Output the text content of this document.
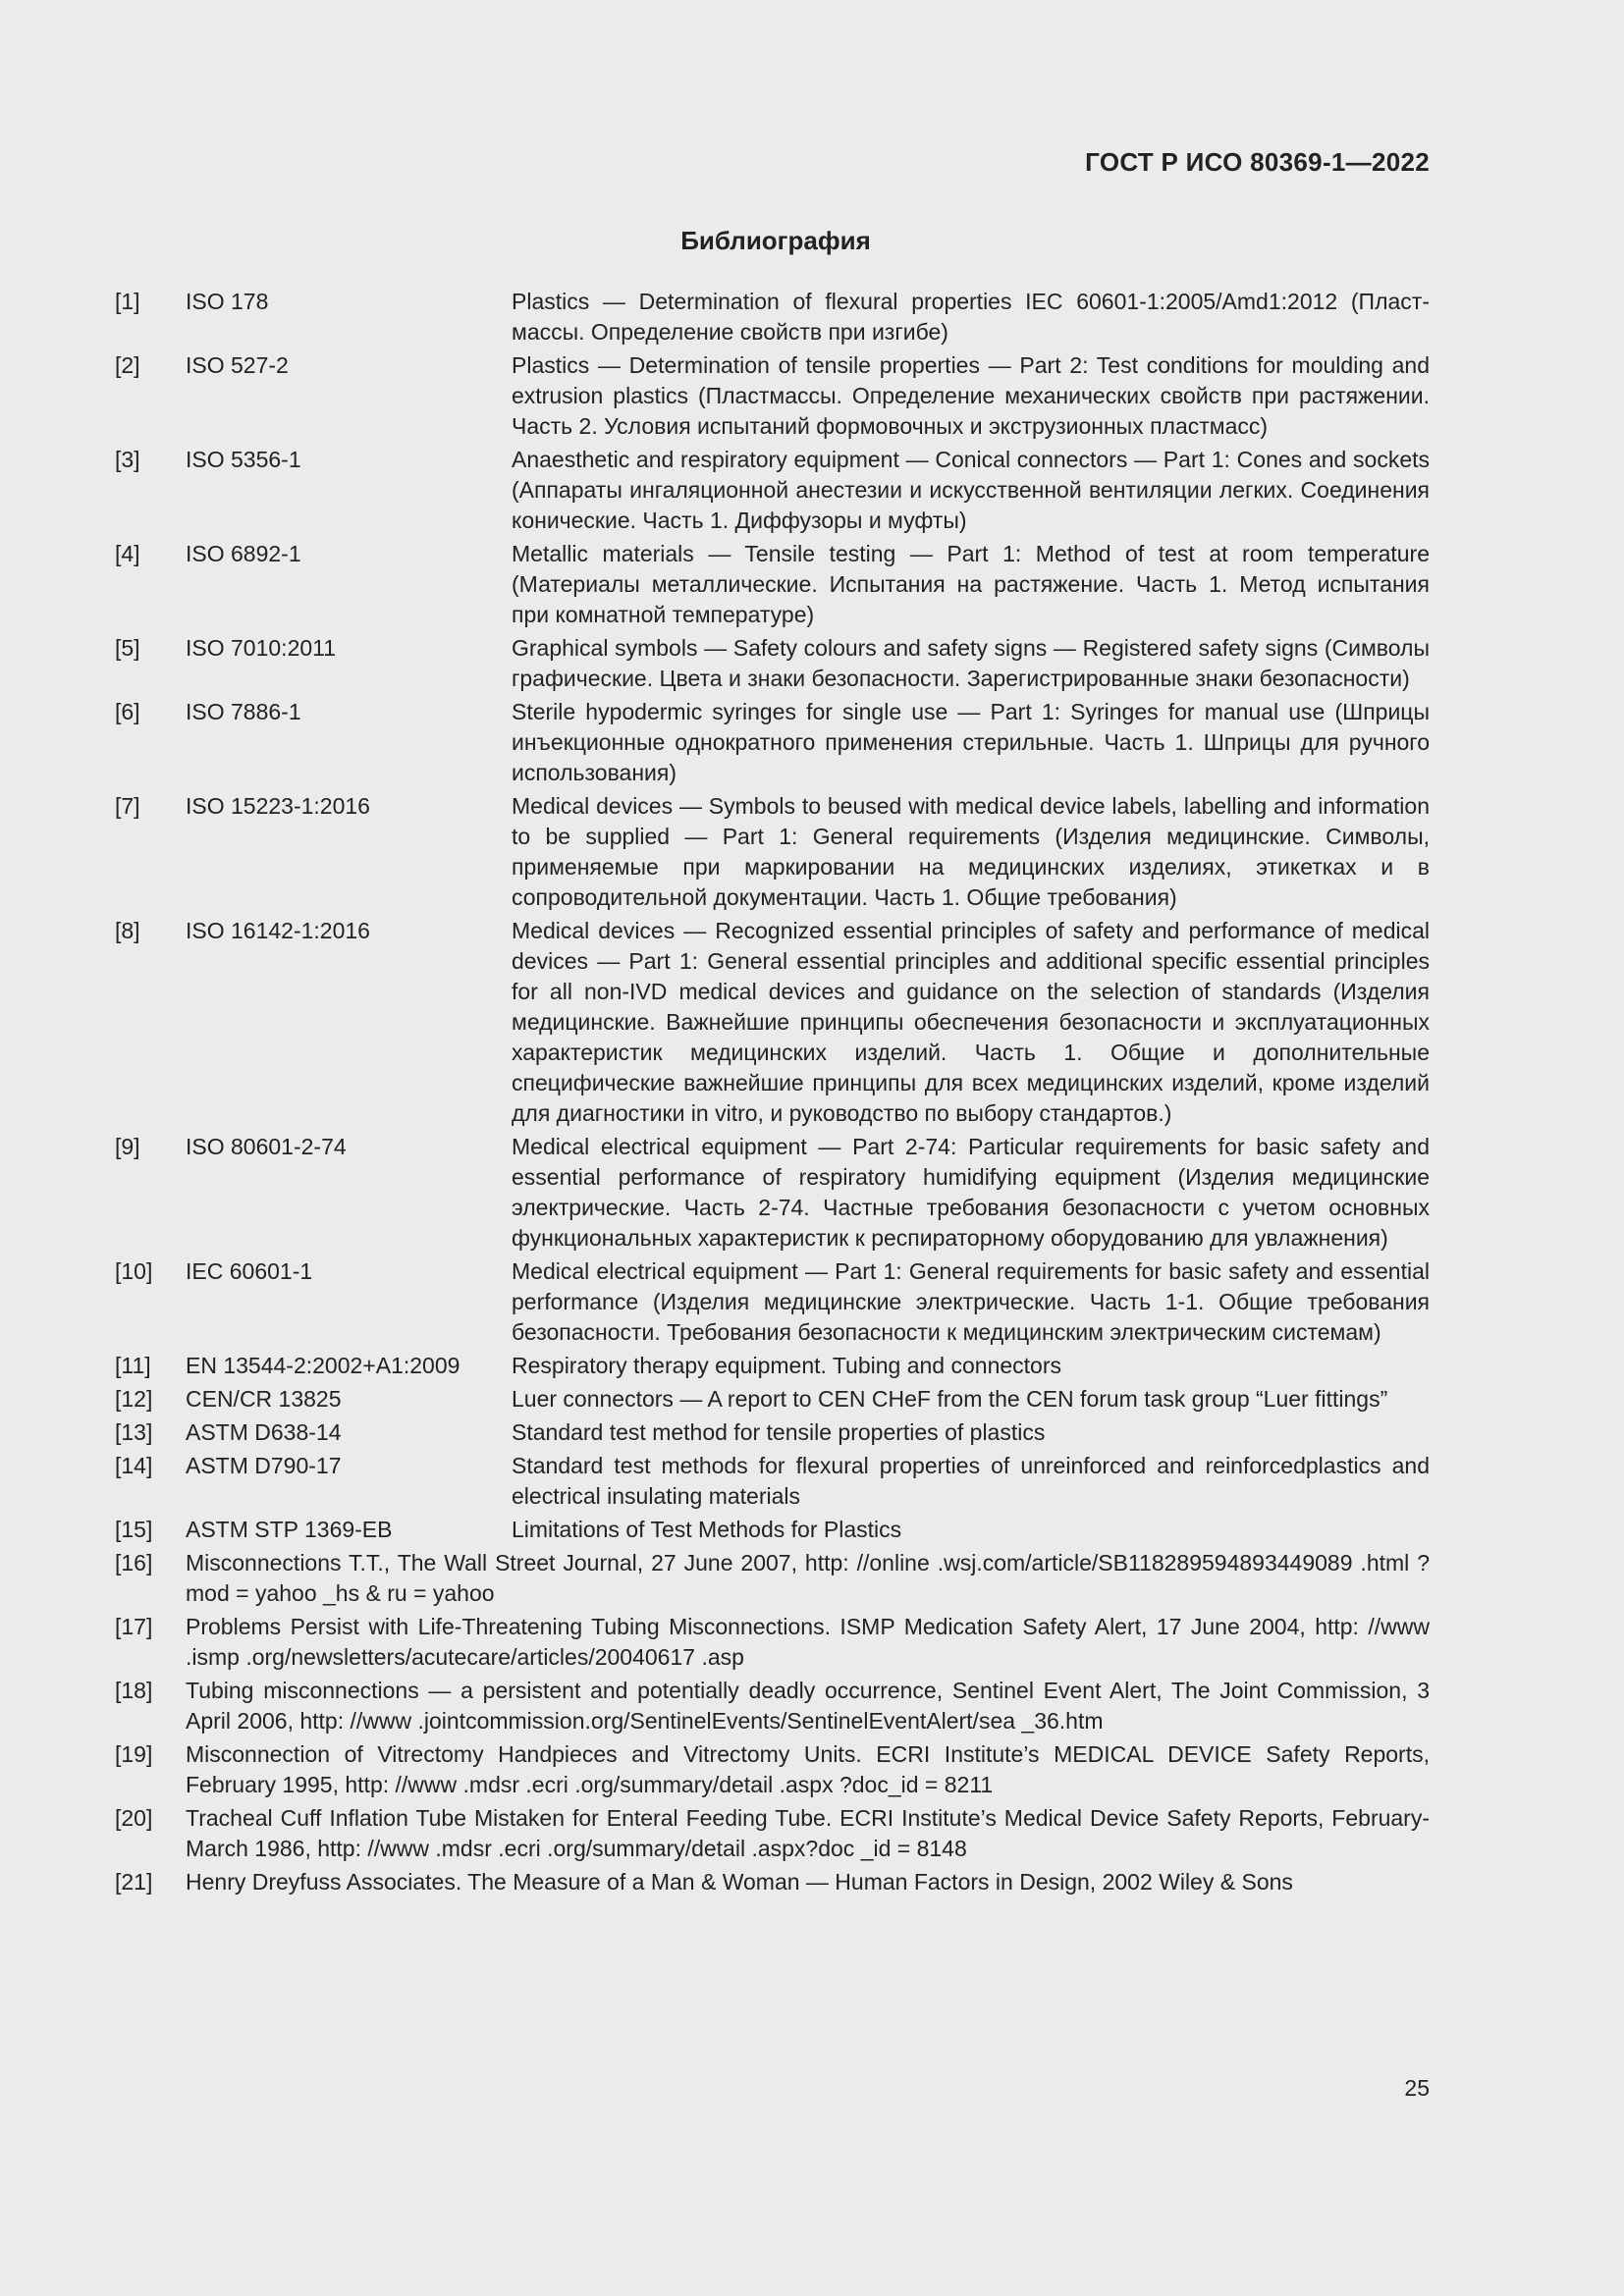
ГОСТ Р ИСО 80369-1—2022
Библиография
[1]	ISO 178	Plastics — Determination of flexural properties IEC 60601-1:2005/Amd1:2012 (Пластмассы. Определение свойств при изгибе)
[2]	ISO 527-2	Plastics — Determination of tensile properties — Part 2: Test conditions for moulding and extrusion plastics (Пластмассы. Определение механических свойств при растяжении. Часть 2. Условия испытаний формовочных и экструзионных пластмасс)
[3]	ISO 5356-1	Anaesthetic and respiratory equipment — Conical connectors — Part 1: Cones and sockets (Аппараты ингаляционной анестезии и искусственной вентиляции легких. Соединения конические. Часть 1. Диффузоры и муфты)
[4]	ISO 6892-1	Metallic materials — Tensile testing — Part 1: Method of test at room temperature (Материалы металлические. Испытания на растяжение. Часть 1. Метод испытания при комнатной температуре)
[5]	ISO 7010:2011	Graphical symbols — Safety colours and safety signs — Registered safety signs (Символы графические. Цвета и знаки безопасности. Зарегистрированные знаки безопасности)
[6]	ISO 7886-1	Sterile hypodermic syringes for single use — Part 1: Syringes for manual use (Шприцы инъекционные однократного применения стерильные. Часть 1. Шприцы для ручного использования)
[7]	ISO 15223-1:2016	Medical devices — Symbols to beused with medical device labels, labelling and information to be supplied — Part 1: General requirements (Изделия медицинские. Символы, применяемые при маркировании на медицинских изделиях, этикетках и в сопроводительной документации. Часть 1. Общие требования)
[8]	ISO 16142-1:2016	Medical devices — Recognized essential principles of safety and performance of medical devices — Part 1: General essential principles and additional specific essential principles for all non-IVD medical devices and guidance on the selection of standards (Изделия медицинские. Важнейшие принципы обеспечения безопасности и эксплуатационных характеристик медицинских изделий. Часть 1. Общие и дополнительные специфические важнейшие принципы для всех медицинских изделий, кроме изделий для диагностики in vitro, и руководство по выбору стандартов.)
[9]	ISO 80601-2-74	Medical electrical equipment — Part 2-74: Particular requirements for basic safety and essential performance of respiratory humidifying equipment (Изделия медицинские электрические. Часть 2-74. Частные требования безопасности с учетом основных функциональных характеристик к респираторному оборудованию для увлажнения)
[10]	IEC 60601-1	Medical electrical equipment — Part 1: General requirements for basic safety and essential performance (Изделия медицинские электрические. Часть 1-1. Общие требования безопасности. Требования безопасности к медицинским электрическим системам)
[11]	EN 13544-2:2002+A1:2009	Respiratory therapy equipment. Tubing and connectors
[12]	CEN/CR 13825	Luer connectors — A report to CEN CHeF from the CEN forum task group “Luer fittings”
[13]	ASTM D638-14	Standard test method for tensile properties of plastics
[14]	ASTM D790-17	Standard test methods for flexural properties of unreinforced and reinforcedplastics and electrical insulating materials
[15]	ASTM STP 1369-EB	Limitations of Test Methods for Plastics
[16]	Misconnections T.T., The Wall Street Journal, 27 June 2007, http: //online .wsj.com/article/SB118289594893449089 .html ?mod = yahoo _hs & ru = yahoo
[17]	Problems Persist with Life-Threatening Tubing Misconnections. ISMP Medication Safety Alert, 17 June 2004, http: //www .ismp .org/newsletters/acutecare/articles/20040617 .asp
[18]	Tubing misconnections — a persistent and potentially deadly occurrence, Sentinel Event Alert, The Joint Commission, 3 April 2006, http: //www .jointcommission.org/SentinelEvents/SentinelEventAlert/sea _36.htm
[19]	Misconnection of Vitrectomy Handpieces and Vitrectomy Units. ECRI Institute’s MEDICAL DEVICE Safety Reports, February 1995, http: //www .mdsr .ecri .org/summary/detail .aspx ?doc_id = 8211
[20]	Tracheal Cuff Inflation Tube Mistaken for Enteral Feeding Tube. ECRI Institute’s Medical Device Safety Reports, February-March 1986, http: //www .mdsr .ecri .org/summary/detail .aspx?doc _id = 8148
[21]	Henry Dreyfuss Associates. The Measure of a Man & Woman — Human Factors in Design, 2002 Wiley & Sons
25
